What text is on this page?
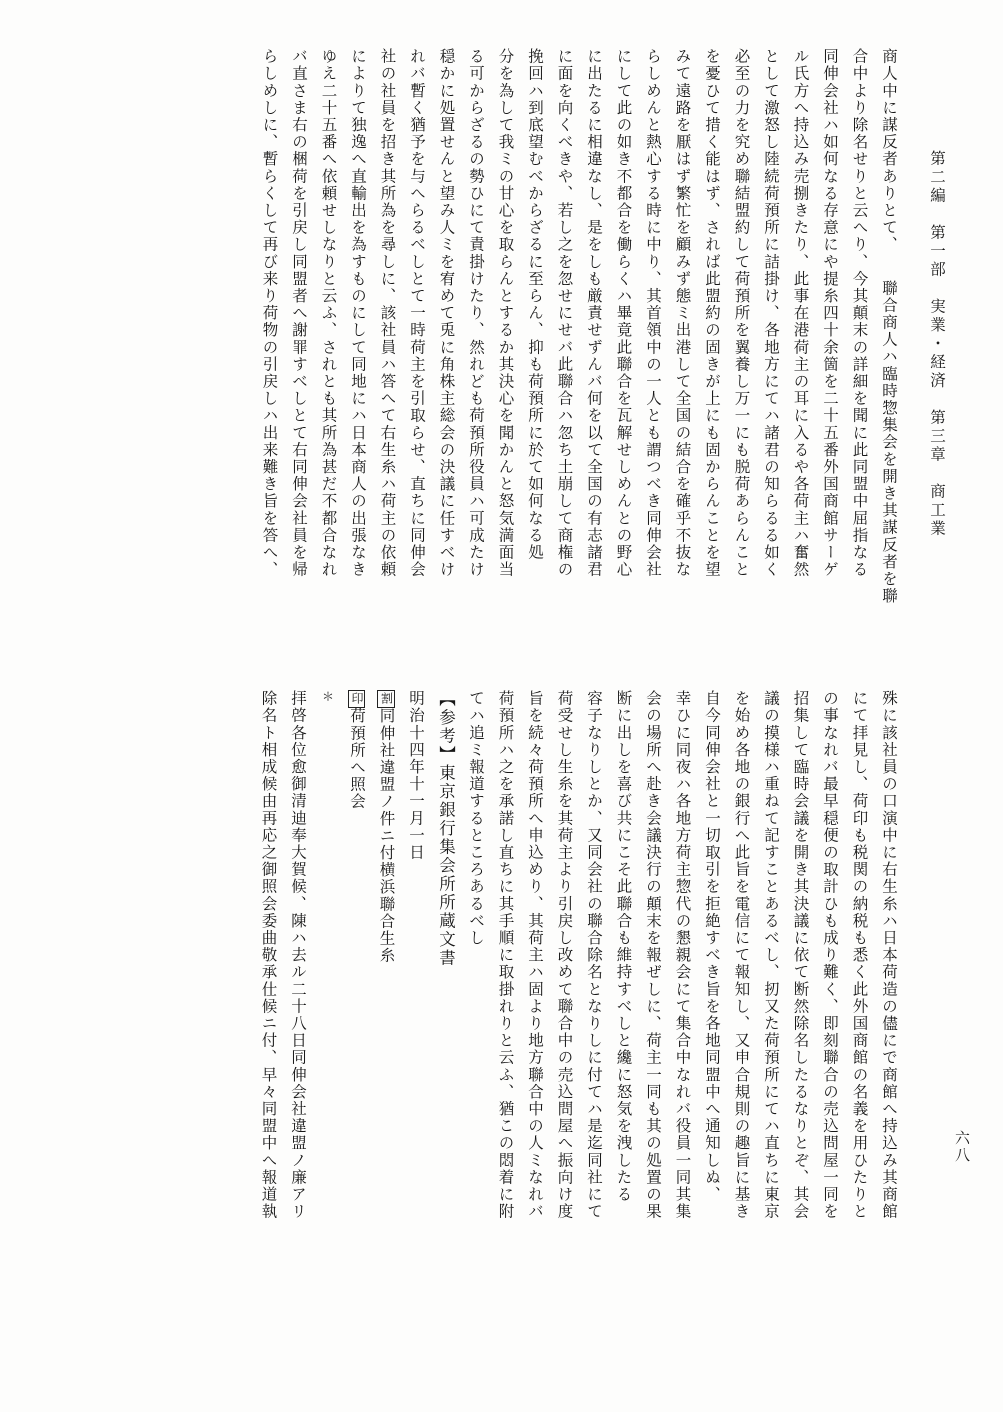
第二編　第一部　実業・経済　第三章　商工業
六八

商人中に謀反者ありとて、　　聯合商人ハ臨時惣集会を開き其謀反者を聯

合中より除名せりと云へり、今其顛末の詳細を聞に此同盟中屈指なる

同伸会社ハ如何なる存意にや提糸四十余箇を二十五番外国商館サーゲ

ル氏方へ持込み売捌きたり、此事在港荷主の耳に入るや各荷主ハ奮然

として激怒し陸続荷預所に詰掛け、各地方にてハ諸君の知らるる如く

必至の力を究め聯結盟約して荷預所を翼養し万一にも脱荷あらんこと

を憂ひて措く能はず、されば此盟約の固きが上にも固からんことを望

みて遠路を厭はず繁忙を顧みず態ミ出港して全国の結合を確乎不抜な

らしめんと熱心する時に中り、其首領中の一人とも謂つべき同伸会社

にして此の如き不都合を働らくハ畢竟此聯合を瓦解せしめんとの野心

に出たるに相違なし、是をしも厳責せずんバ何を以て全国の有志諸君

に面を向くべきや、若し之を忽せにせバ此聯合ハ忽ち土崩して商権の

挽回ハ到底望むべからざるに至らん、抑も荷預所に於て如何なる処

分を為して我ミの甘心を取らんとするか其決心を聞かんと怒気満面当

る可からざるの勢ひにて責掛けたり、然れども荷預所役員ハ可成たけ

穏かに処置せんと望み人ミを宥めて兎に角株主総会の決議に任すべけ

れバ暫く猶予を与へらるべしとて一時荷主を引取らせ、直ちに同伸会

社の社員を招き其所為を尋しに、該社員ハ答へて右生糸ハ荷主の依頼

によりて独逸へ直輸出を為すものにして同地にハ日本商人の出張なき

ゆえ二十五番へ依頼せしなりと云ふ、されとも其所為甚だ不都合なれ

バ直さま右の梱荷を引戻し同盟者へ謝罪すべしとて右同伸会社員を帰

らしめしに、暫らくして再び来り荷物の引戻しハ出来難き旨を答へ、

殊に該社員の口演中に右生糸ハ日本荷造の儘にで商館へ持込み其商館

にて拝見し、荷印も税関の納税も悉く此外国商館の名義を用ひたりと

の事なれバ最早穏便の取計ひも成り難く、即刻聯合の売込問屋一同を

招集して臨時会議を開き其決議に依て断然除名したるなりとぞ、其会

議の摸様ハ重ねて記すことあるべし、扨又た荷預所にてハ直ちに東京

を始め各地の銀行へ此旨を電信にて報知し、又申合規則の趣旨に基き

自今同伸会社と一切取引を拒絶すべき旨を各地同盟中へ通知しぬ、

幸ひに同夜ハ各地方荷主惣代の懇親会にて集合中なれバ役員一同其集

会の場所へ赴き会議決行の顛末を報ぜしに、荷主一同も其の処置の果

断に出しを喜び共にこそ此聯合も維持すべしと纔に怒気を洩したる

容子なりしとか、又同会社の聯合除名となりしに付てハ是迄同社にて

荷受せし生糸を其荷主より引戻し改めて聯合中の売込問屋へ振向け度

旨を続々荷預所へ申込めり、其荷主ハ固より地方聯合中の人ミなれバ

荷預所ハ之を承諾し直ちに其手順に取掛れりと云ふ、猶この悶着に附

てハ追ミ報道するところあるべし

【参考】東京銀行集会所所蔵文書

明治十四年十一月一日

割同伸社違盟ノ件ニ付横浜聯合生糸

印荷預所へ照会

＊

拝啓各位愈御清迪奉大賀候、陳ハ去ル二十八日同伸会社違盟ノ廉アリ

除名ト相成候由再応之御照会委曲敬承仕候ニ付、早々同盟中へ報道執
